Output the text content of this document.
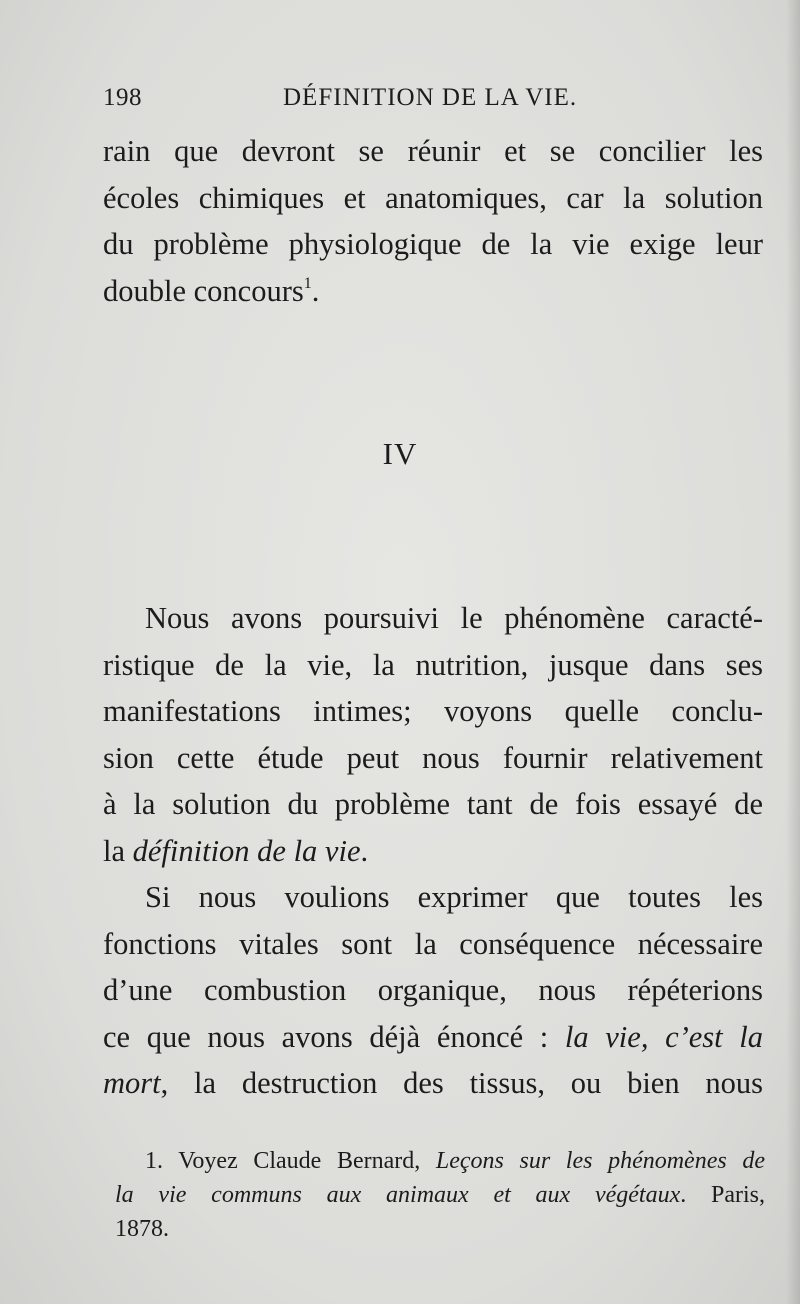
198	DÉFINITION DE LA VIE.
rain que devront se réunir et se concilier les
écoles chimiques et anatomiques, car la solution
du problème physiologique de la vie exige leur
double concours$^1$.
IV
Nous avons poursuivi le phénomène caracté-
ristique de la vie, la nutrition, jusque dans ses
manifestations intimes; voyons quelle conclu-
sion cette étude peut nous fournir relativement
à la solution du problème tant de fois essayé de
la définition de la vie.
Si nous voulions exprimer que toutes les
fonctions vitales sont la conséquence nécessaire
d’une combustion organique, nous répéterions
ce que nous avons déjà énoncé : la vie, c’est la
mort, la destruction des tissus, ou bien nous
1. Voyez Claude Bernard, Leçons sur les phénomènes de
la vie communs aux animaux et aux végétaux. Paris,
1878.
